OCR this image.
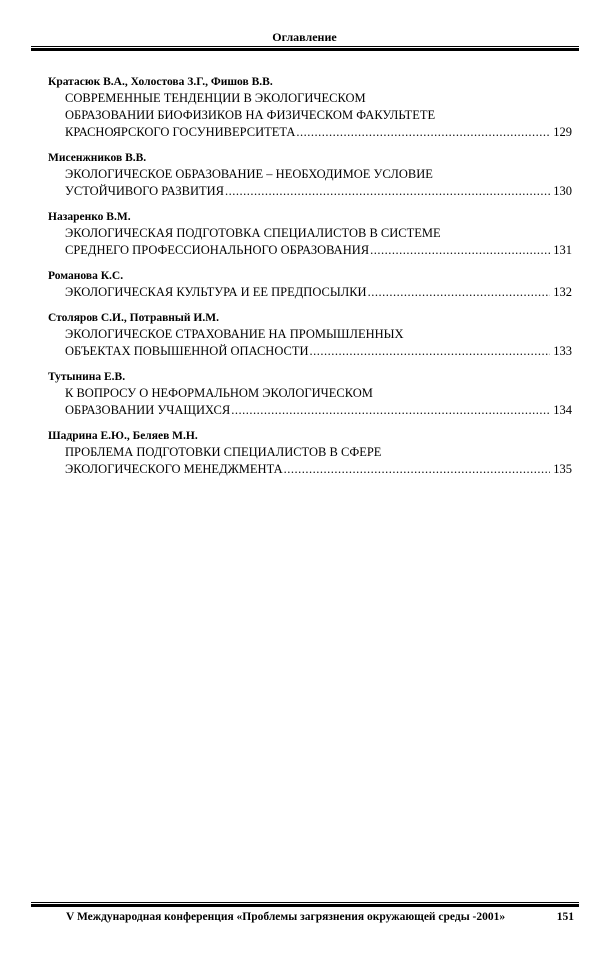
Оглавление
Кратасюк В.А., Холостова З.Г., Фишов В.В.
СОВРЕМЕННЫЕ ТЕНДЕНЦИИ В ЭКОЛОГИЧЕСКОМ
ОБРАЗОВАНИИ БИОФИЗИКОВ НА ФИЗИЧЕСКОМ ФАКУЛЬТЕТЕ
КРАСНОЯРСКОГО ГОСУНИВЕРСИТЕТА .....	129
Мисенжников В.В.
ЭКОЛОГИЧЕСКОЕ ОБРАЗОВАНИЕ – НЕОБХОДИМОЕ УСЛОВИЕ
УСТОЙЧИВОГО РАЗВИТИЯ .....	130
Назаренко В.М.
ЭКОЛОГИЧЕСКАЯ ПОДГОТОВКА СПЕЦИАЛИСТОВ В СИСТЕМЕ
СРЕДНЕГО ПРОФЕССИОНАЛЬНОГО ОБРАЗОВАНИЯ .....	131
Романова К.С.
ЭКОЛОГИЧЕСКАЯ КУЛЬТУРА И ЕЕ ПРЕДПОСЫЛКИ .....	132
Столяров С.И., Потравный И.М.
ЭКОЛОГИЧЕСКОЕ СТРАХОВАНИЕ НА ПРОМЫШЛЕННЫХ
ОБЪЕКТАХ ПОВЫШЕННОЙ ОПАСНОСТИ .....	133
Тутынина Е.В.
К ВОПРОСУ О НЕФОРМАЛЬНОМ ЭКОЛОГИЧЕСКОМ
ОБРАЗОВАНИИ УЧАЩИХСЯ .....	134
Шадрина Е.Ю., Беляев М.Н.
ПРОБЛЕМА ПОДГОТОВКИ СПЕЦИАЛИСТОВ В СФЕРЕ
ЭКОЛОГИЧЕСКОГО МЕНЕДЖМЕНТА .....	135
V Международная конференция «Проблемы загрязнения окружающей среды -2001»	151
